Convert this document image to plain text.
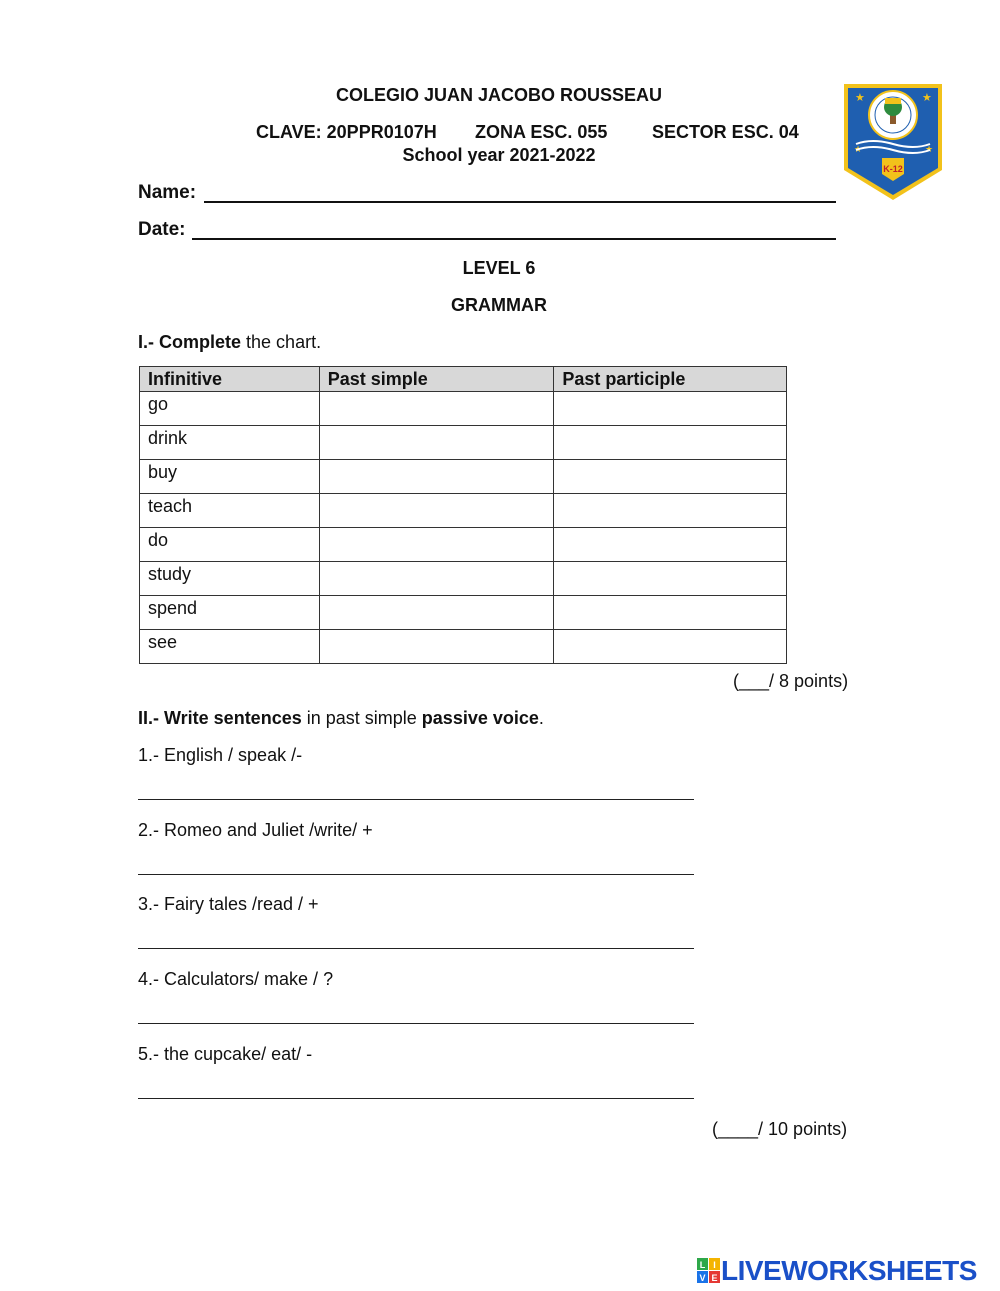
COLEGIO JUAN JACOBO ROUSSEAU
CLAVE: 20PPR0107H ZONA ESC. 055 SECTOR ESC. 04
School year 2021-2022
★	★
★	★
K-12
Name:
Date:
LEVEL 6
GRAMMAR
I.- Complete the chart.
Infinitive	Past simple	Past participle
go		
drink		
buy		
teach		
do		
study		
spend		
see		
(___/ 8 points)
II.- Write sentences in past simple passive voice.
1.- English / speak /-
2.- Romeo and Juliet /write/ +
3.- Fairy tales /read / +
4.- Calculators/ make / ?
5.- the cupcake/ eat/ -
(____/ 10 points)
L I
V E LIVEWORKSHEETS
